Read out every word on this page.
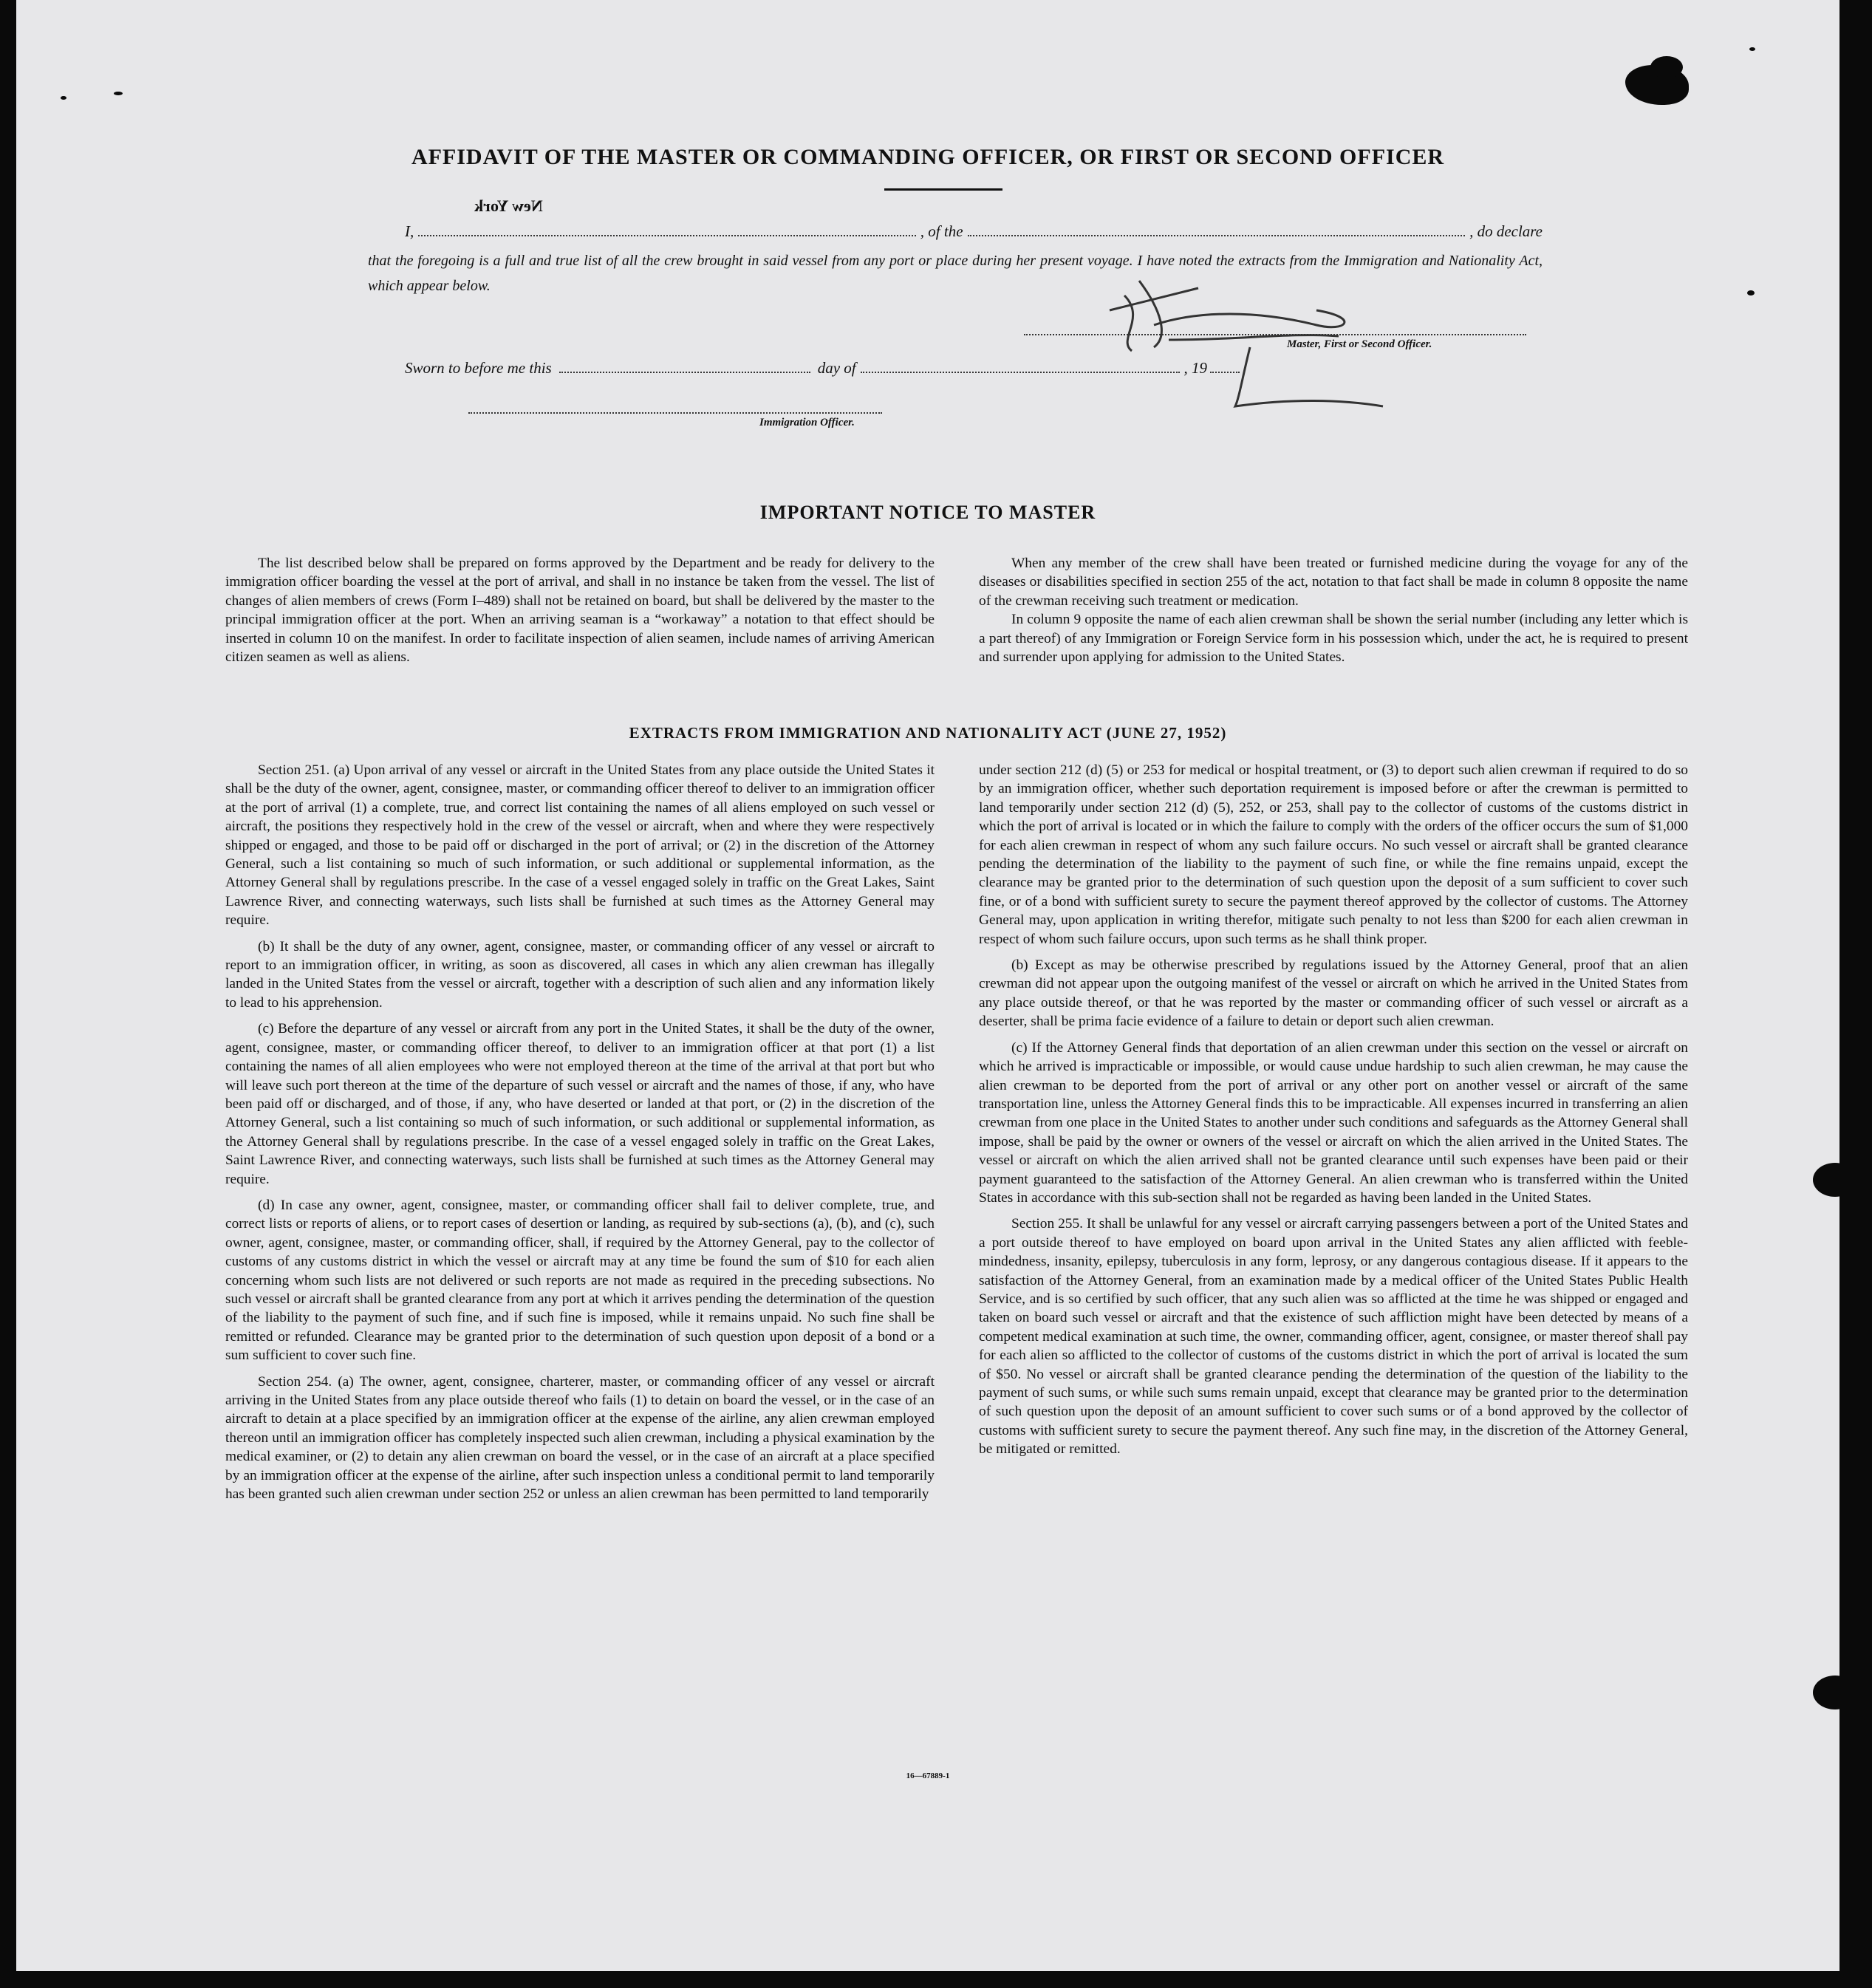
AFFIDAVIT OF THE MASTER OR COMMANDING OFFICER, OR FIRST OR SECOND OFFICER
New York
I,	, of the	, do declare
that the foregoing is a full and true list of all the crew brought in said vessel from any port or place during her present voyage. I have noted the extracts from the Immigration and Nationality Act, which appear below.
Master, First or Second Officer.
Sworn to before me this	day of	, 19
Immigration Officer.
IMPORTANT NOTICE TO MASTER

The list described below shall be prepared on forms approved by the Department and be ready for delivery to the immigration officer boarding the vessel at the port of arrival, and shall in no instance be taken from the vessel. The list of changes of alien members of crews (Form I–489) shall not be retained on board, but shall be delivered by the master to the principal immigration officer at the port. When an arriving seaman is a “workaway” a notation to that effect should be inserted in column 10 on the manifest. In order to facilitate inspection of alien seamen, include names of arriving American citizen seamen as well as aliens.

When any member of the crew shall have been treated or furnished medicine during the voyage for any of the diseases or disabilities specified in section 255 of the act, notation to that fact shall be made in column 8 opposite the name of the crewman receiving such treatment or medication.

In column 9 opposite the name of each alien crewman shall be shown the serial number (including any letter which is a part thereof) of any Immigration or Foreign Service form in his possession which, under the act, he is required to present and surrender upon applying for admission to the United States.

EXTRACTS FROM IMMIGRATION AND NATIONALITY ACT (JUNE 27, 1952)

Section 251. (a) Upon arrival of any vessel or aircraft in the United States from any place outside the United States it shall be the duty of the owner, agent, consignee, master, or commanding officer thereof to deliver to an immigration officer at the port of arrival (1) a complete, true, and correct list containing the names of all aliens employed on such vessel or aircraft, the positions they respectively hold in the crew of the vessel or aircraft, when and where they were respectively shipped or engaged, and those to be paid off or discharged in the port of arrival; or (2) in the discretion of the Attorney General, such a list containing so much of such information, or such additional or supplemental information, as the Attorney General shall by regulations prescribe. In the case of a vessel engaged solely in traffic on the Great Lakes, Saint Lawrence River, and connecting waterways, such lists shall be furnished at such times as the Attorney General may require.

(b) It shall be the duty of any owner, agent, consignee, master, or commanding officer of any vessel or aircraft to report to an immigration officer, in writing, as soon as discovered, all cases in which any alien crewman has illegally landed in the United States from the vessel or aircraft, together with a description of such alien and any information likely to lead to his apprehension.

(c) Before the departure of any vessel or aircraft from any port in the United States, it shall be the duty of the owner, agent, consignee, master, or commanding officer thereof, to deliver to an immigration officer at that port (1) a list containing the names of all alien employees who were not employed thereon at the time of the arrival at that port but who will leave such port thereon at the time of the departure of such vessel or aircraft and the names of those, if any, who have been paid off or discharged, and of those, if any, who have deserted or landed at that port, or (2) in the discretion of the Attorney General, such a list containing so much of such information, or such additional or supplemental information, as the Attorney General shall by regulations prescribe. In the case of a vessel engaged solely in traffic on the Great Lakes, Saint Lawrence River, and connecting waterways, such lists shall be furnished at such times as the Attorney General may require.

(d) In case any owner, agent, consignee, master, or commanding officer shall fail to deliver complete, true, and correct lists or reports of aliens, or to report cases of desertion or landing, as required by sub-sections (a), (b), and (c), such owner, agent, consignee, master, or commanding officer, shall, if required by the Attorney General, pay to the collector of customs of any customs district in which the vessel or aircraft may at any time be found the sum of $10 for each alien concerning whom such lists are not delivered or such reports are not made as required in the preceding subsections. No such vessel or aircraft shall be granted clearance from any port at which it arrives pending the determination of the question of the liability to the payment of such fine, and if such fine is imposed, while it remains unpaid. No such fine shall be remitted or refunded. Clearance may be granted prior to the determination of such question upon deposit of a bond or a sum sufficient to cover such fine.

Section 254. (a) The owner, agent, consignee, charterer, master, or commanding officer of any vessel or aircraft arriving in the United States from any place outside thereof who fails (1) to detain on board the vessel, or in the case of an aircraft to detain at a place specified by an immigration officer at the expense of the airline, any alien crewman employed thereon until an immigration officer has completely inspected such alien crewman, including a physical examination by the medical examiner, or (2) to detain any alien crewman on board the vessel, or in the case of an aircraft at a place specified by an immigration officer at the expense of the airline, after such inspection unless a conditional permit to land temporarily has been granted such alien crewman under section 252 or unless an alien crewman has been permitted to land temporarily

under section 212 (d) (5) or 253 for medical or hospital treatment, or (3) to deport such alien crewman if required to do so by an immigration officer, whether such deportation requirement is imposed before or after the crewman is permitted to land temporarily under section 212 (d) (5), 252, or 253, shall pay to the collector of customs of the customs district in which the port of arrival is located or in which the failure to comply with the orders of the officer occurs the sum of $1,000 for each alien crewman in respect of whom any such failure occurs. No such vessel or aircraft shall be granted clearance pending the determination of the liability to the payment of such fine, or while the fine remains unpaid, except the clearance may be granted prior to the determination of such question upon the deposit of a sum sufficient to cover such fine, or of a bond with sufficient surety to secure the payment thereof approved by the collector of customs. The Attorney General may, upon application in writing therefor, mitigate such penalty to not less than $200 for each alien crewman in respect of whom such failure occurs, upon such terms as he shall think proper.

(b) Except as may be otherwise prescribed by regulations issued by the Attorney General, proof that an alien crewman did not appear upon the outgoing manifest of the vessel or aircraft on which he arrived in the United States from any place outside thereof, or that he was reported by the master or commanding officer of such vessel or aircraft as a deserter, shall be prima facie evidence of a failure to detain or deport such alien crewman.

(c) If the Attorney General finds that deportation of an alien crewman under this section on the vessel or aircraft on which he arrived is impracticable or impossible, or would cause undue hardship to such alien crewman, he may cause the alien crewman to be deported from the port of arrival or any other port on another vessel or aircraft of the same transportation line, unless the Attorney General finds this to be impracticable. All expenses incurred in transferring an alien crewman from one place in the United States to another under such conditions and safeguards as the Attorney General shall impose, shall be paid by the owner or owners of the vessel or aircraft on which the alien arrived in the United States. The vessel or aircraft on which the alien arrived shall not be granted clearance until such expenses have been paid or their payment guaranteed to the satisfaction of the Attorney General. An alien crewman who is transferred within the United States in accordance with this sub-section shall not be regarded as having been landed in the United States.

Section 255. It shall be unlawful for any vessel or aircraft carrying passengers between a port of the United States and a port outside thereof to have employed on board upon arrival in the United States any alien afflicted with feeble-mindedness, insanity, epilepsy, tuberculosis in any form, leprosy, or any dangerous contagious disease. If it appears to the satisfaction of the Attorney General, from an examination made by a medical officer of the United States Public Health Service, and is so certified by such officer, that any such alien was so afflicted at the time he was shipped or engaged and taken on board such vessel or aircraft and that the existence of such affliction might have been detected by means of a competent medical examination at such time, the owner, commanding officer, agent, consignee, or master thereof shall pay for each alien so afflicted to the collector of customs of the customs district in which the port of arrival is located the sum of $50. No vessel or aircraft shall be granted clearance pending the determination of the question of the liability to the payment of such sums, or while such sums remain unpaid, except that clearance may be granted prior to the determination of such question upon the deposit of an amount sufficient to cover such sums or of a bond approved by the collector of customs with sufficient surety to secure the payment thereof. Any such fine may, in the discretion of the Attorney General, be mitigated or remitted.

16—67889-1
